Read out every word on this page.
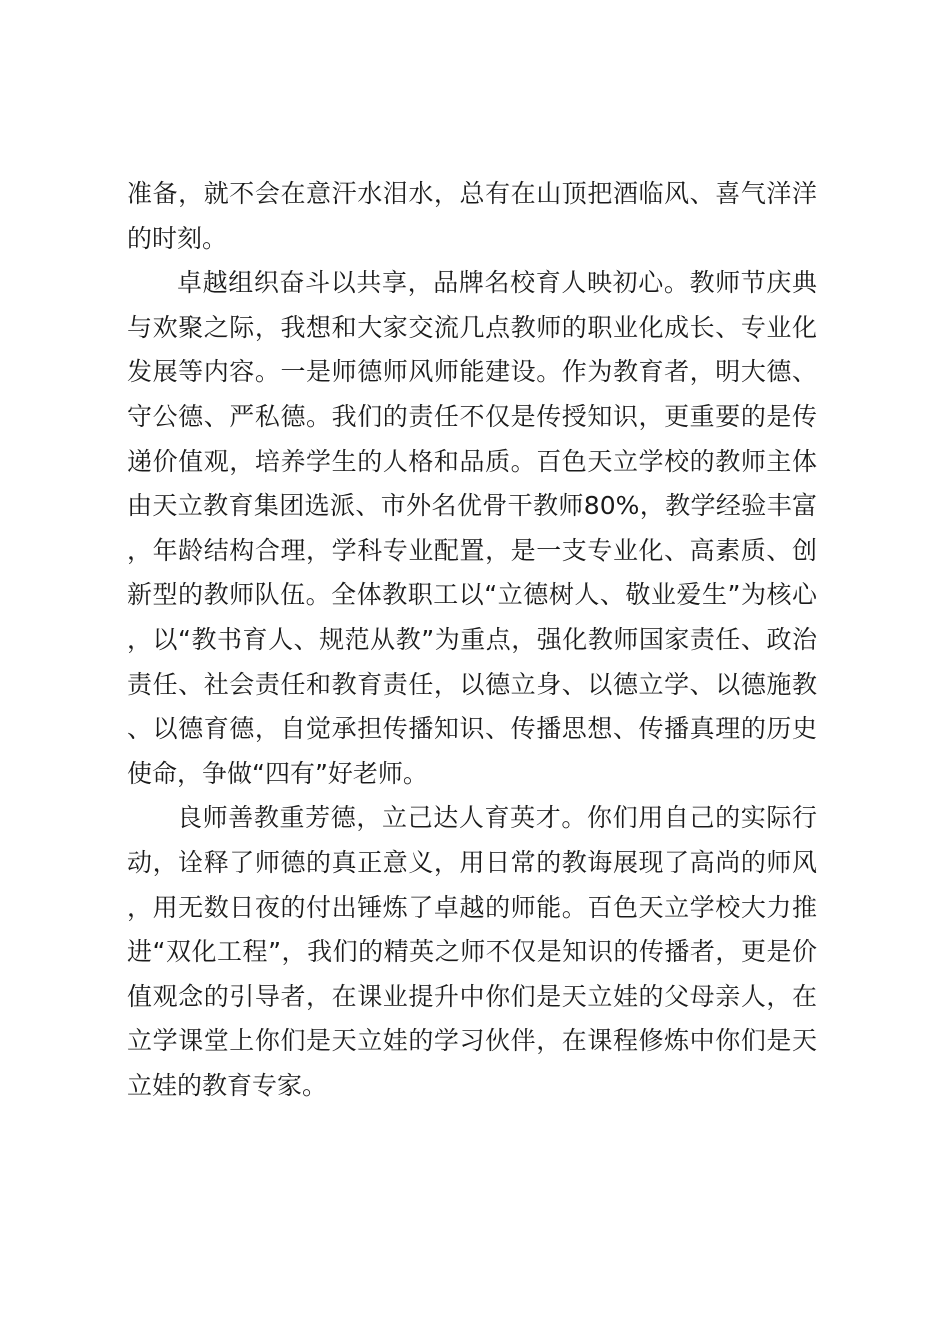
准备，就不会在意汗水泪水，总有在山顶把酒临风、喜气洋洋的时刻。

卓越组织奋斗以共享，品牌名校育人映初心。教师节庆典与欢聚之际，我想和大家交流几点教师的职业化成长、专业化发展等内容。一是师德师风师能建设。作为教育者，明大德、守公德、严私德。我们的责任不仅是传授知识，更重要的是传递价值观，培养学生的人格和品质。百色天立学校的教师主体由天立教育集团选派、市外名优骨干教师80%，教学经验丰富，年龄结构合理，学科专业配置，是一支专业化、高素质、创新型的教师队伍。全体教职工以“立德树人、敬业爱生”为核心，以“教书育人、规范从教”为重点，强化教师国家责任、政治责任、社会责任和教育责任，以德立身、以德立学、以德施教、以德育德，自觉承担传播知识、传播思想、传播真理的历史使命，争做“四有”好老师。

良师善教重芳德，立己达人育英才。你们用自己的实际行动，诠释了师德的真正意义，用日常的教诲展现了高尚的师风，用无数日夜的付出锤炼了卓越的师能。百色天立学校大力推进“双化工程”，我们的精英之师不仅是知识的传播者，更是价值观念的引导者，在课业提升中你们是天立娃的父母亲人，在立学课堂上你们是天立娃的学习伙伴，在课程修炼中你们是天立娃的教育专家。
